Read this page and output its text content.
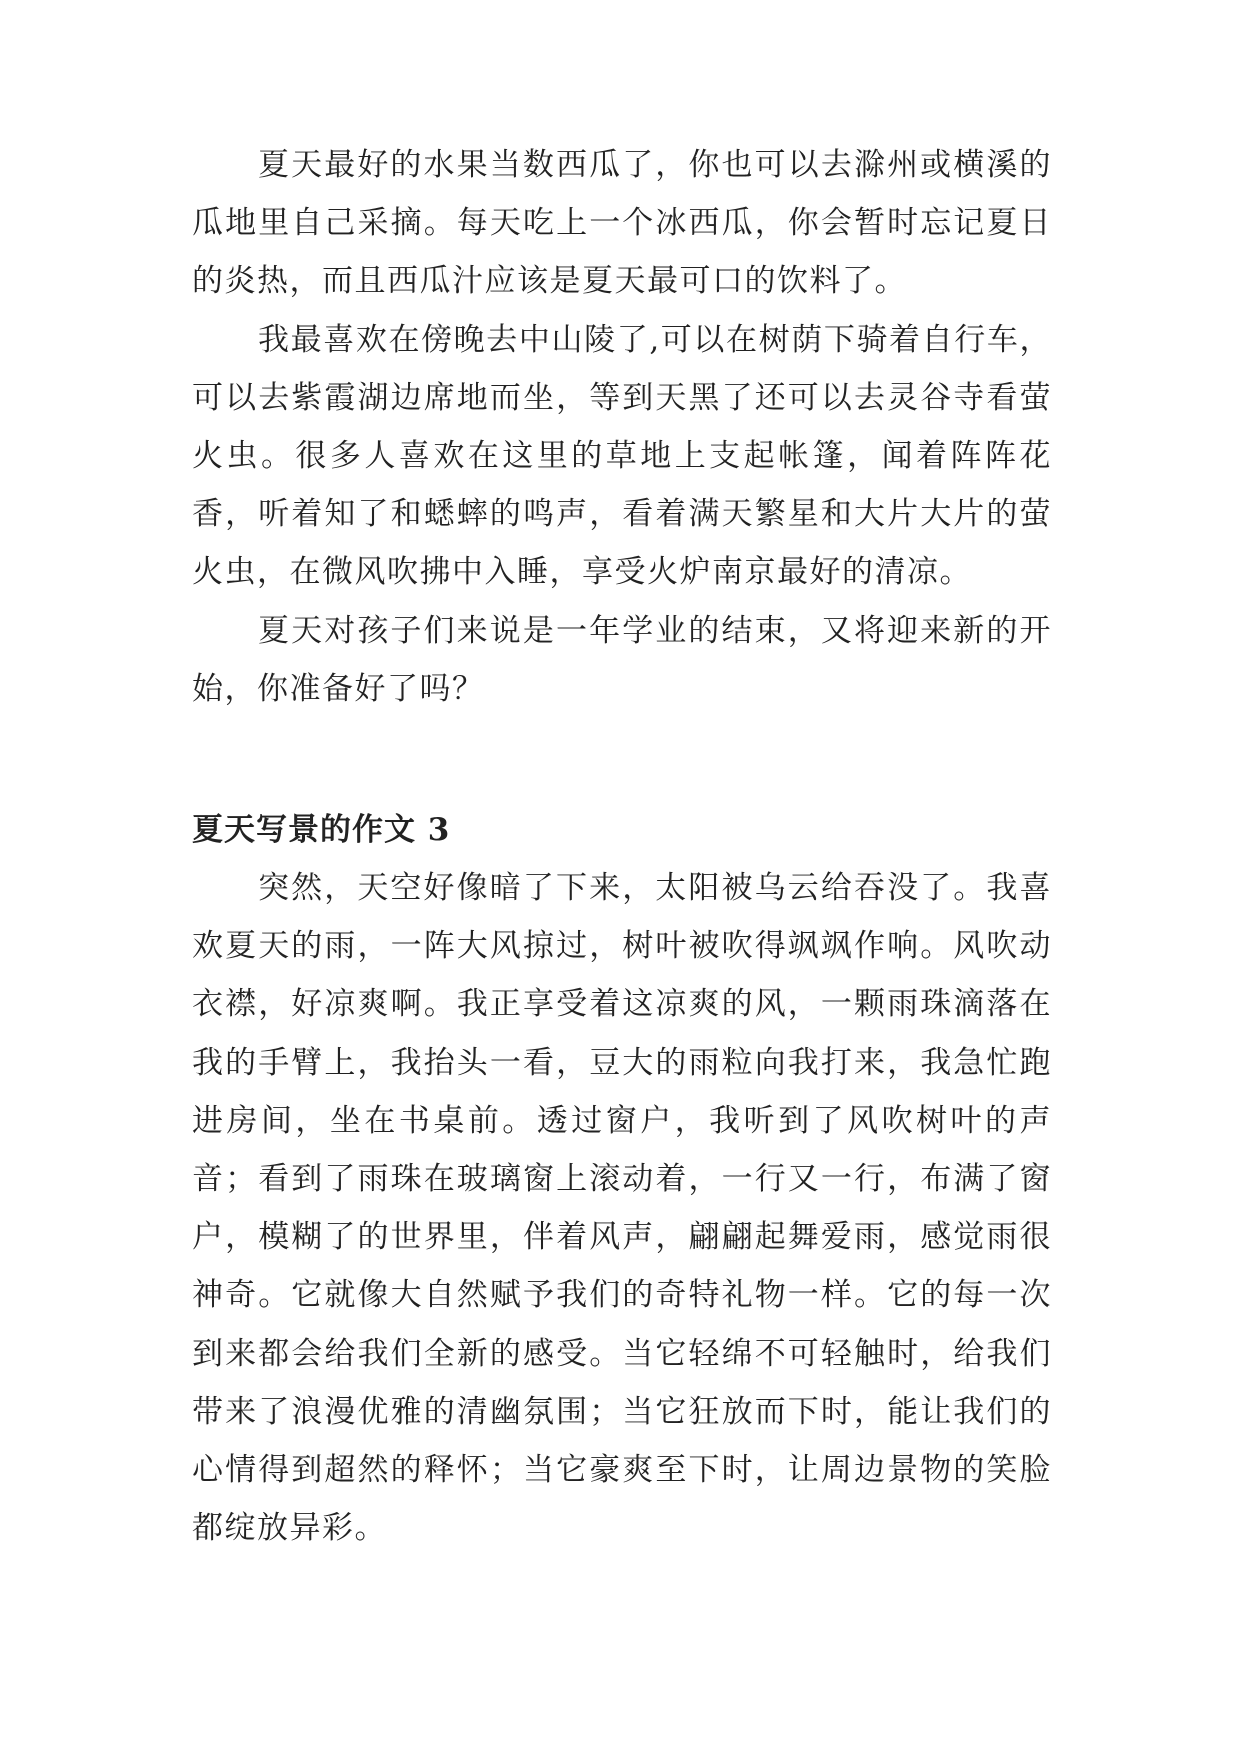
夏天最好的水果当数西瓜了，你也可以去滁州或横溪的瓜地里自己采摘。每天吃上一个冰西瓜，你会暂时忘记夏日的炎热，而且西瓜汁应该是夏天最可口的饮料了。

我最喜欢在傍晚去中山陵了,可以在树荫下骑着自行车，可以去紫霞湖边席地而坐，等到天黑了还可以去灵谷寺看萤火虫。很多人喜欢在这里的草地上支起帐篷，闻着阵阵花香，听着知了和蟋蟀的鸣声，看着满天繁星和大片大片的萤火虫，在微风吹拂中入睡，享受火炉南京最好的清凉。

夏天对孩子们来说是一年学业的结束，又将迎来新的开始，你准备好了吗？

夏天写景的作文 3

突然，天空好像暗了下来，太阳被乌云给吞没了。我喜欢夏天的雨，一阵大风掠过，树叶被吹得飒飒作响。风吹动衣襟，好凉爽啊。我正享受着这凉爽的风，一颗雨珠滴落在我的手臂上，我抬头一看，豆大的雨粒向我打来，我急忙跑进房间，坐在书桌前。透过窗户，我听到了风吹树叶的声音；看到了雨珠在玻璃窗上滚动着，一行又一行，布满了窗户，模糊了的世界里，伴着风声，翩翩起舞爱雨，感觉雨很神奇。它就像大自然赋予我们的奇特礼物一样。它的每一次到来都会给我们全新的感受。当它轻绵不可轻触时，给我们带来了浪漫优雅的清幽氛围；当它狂放而下时，能让我们的心情得到超然的释怀；当它豪爽至下时，让周边景物的笑脸都绽放异彩。
